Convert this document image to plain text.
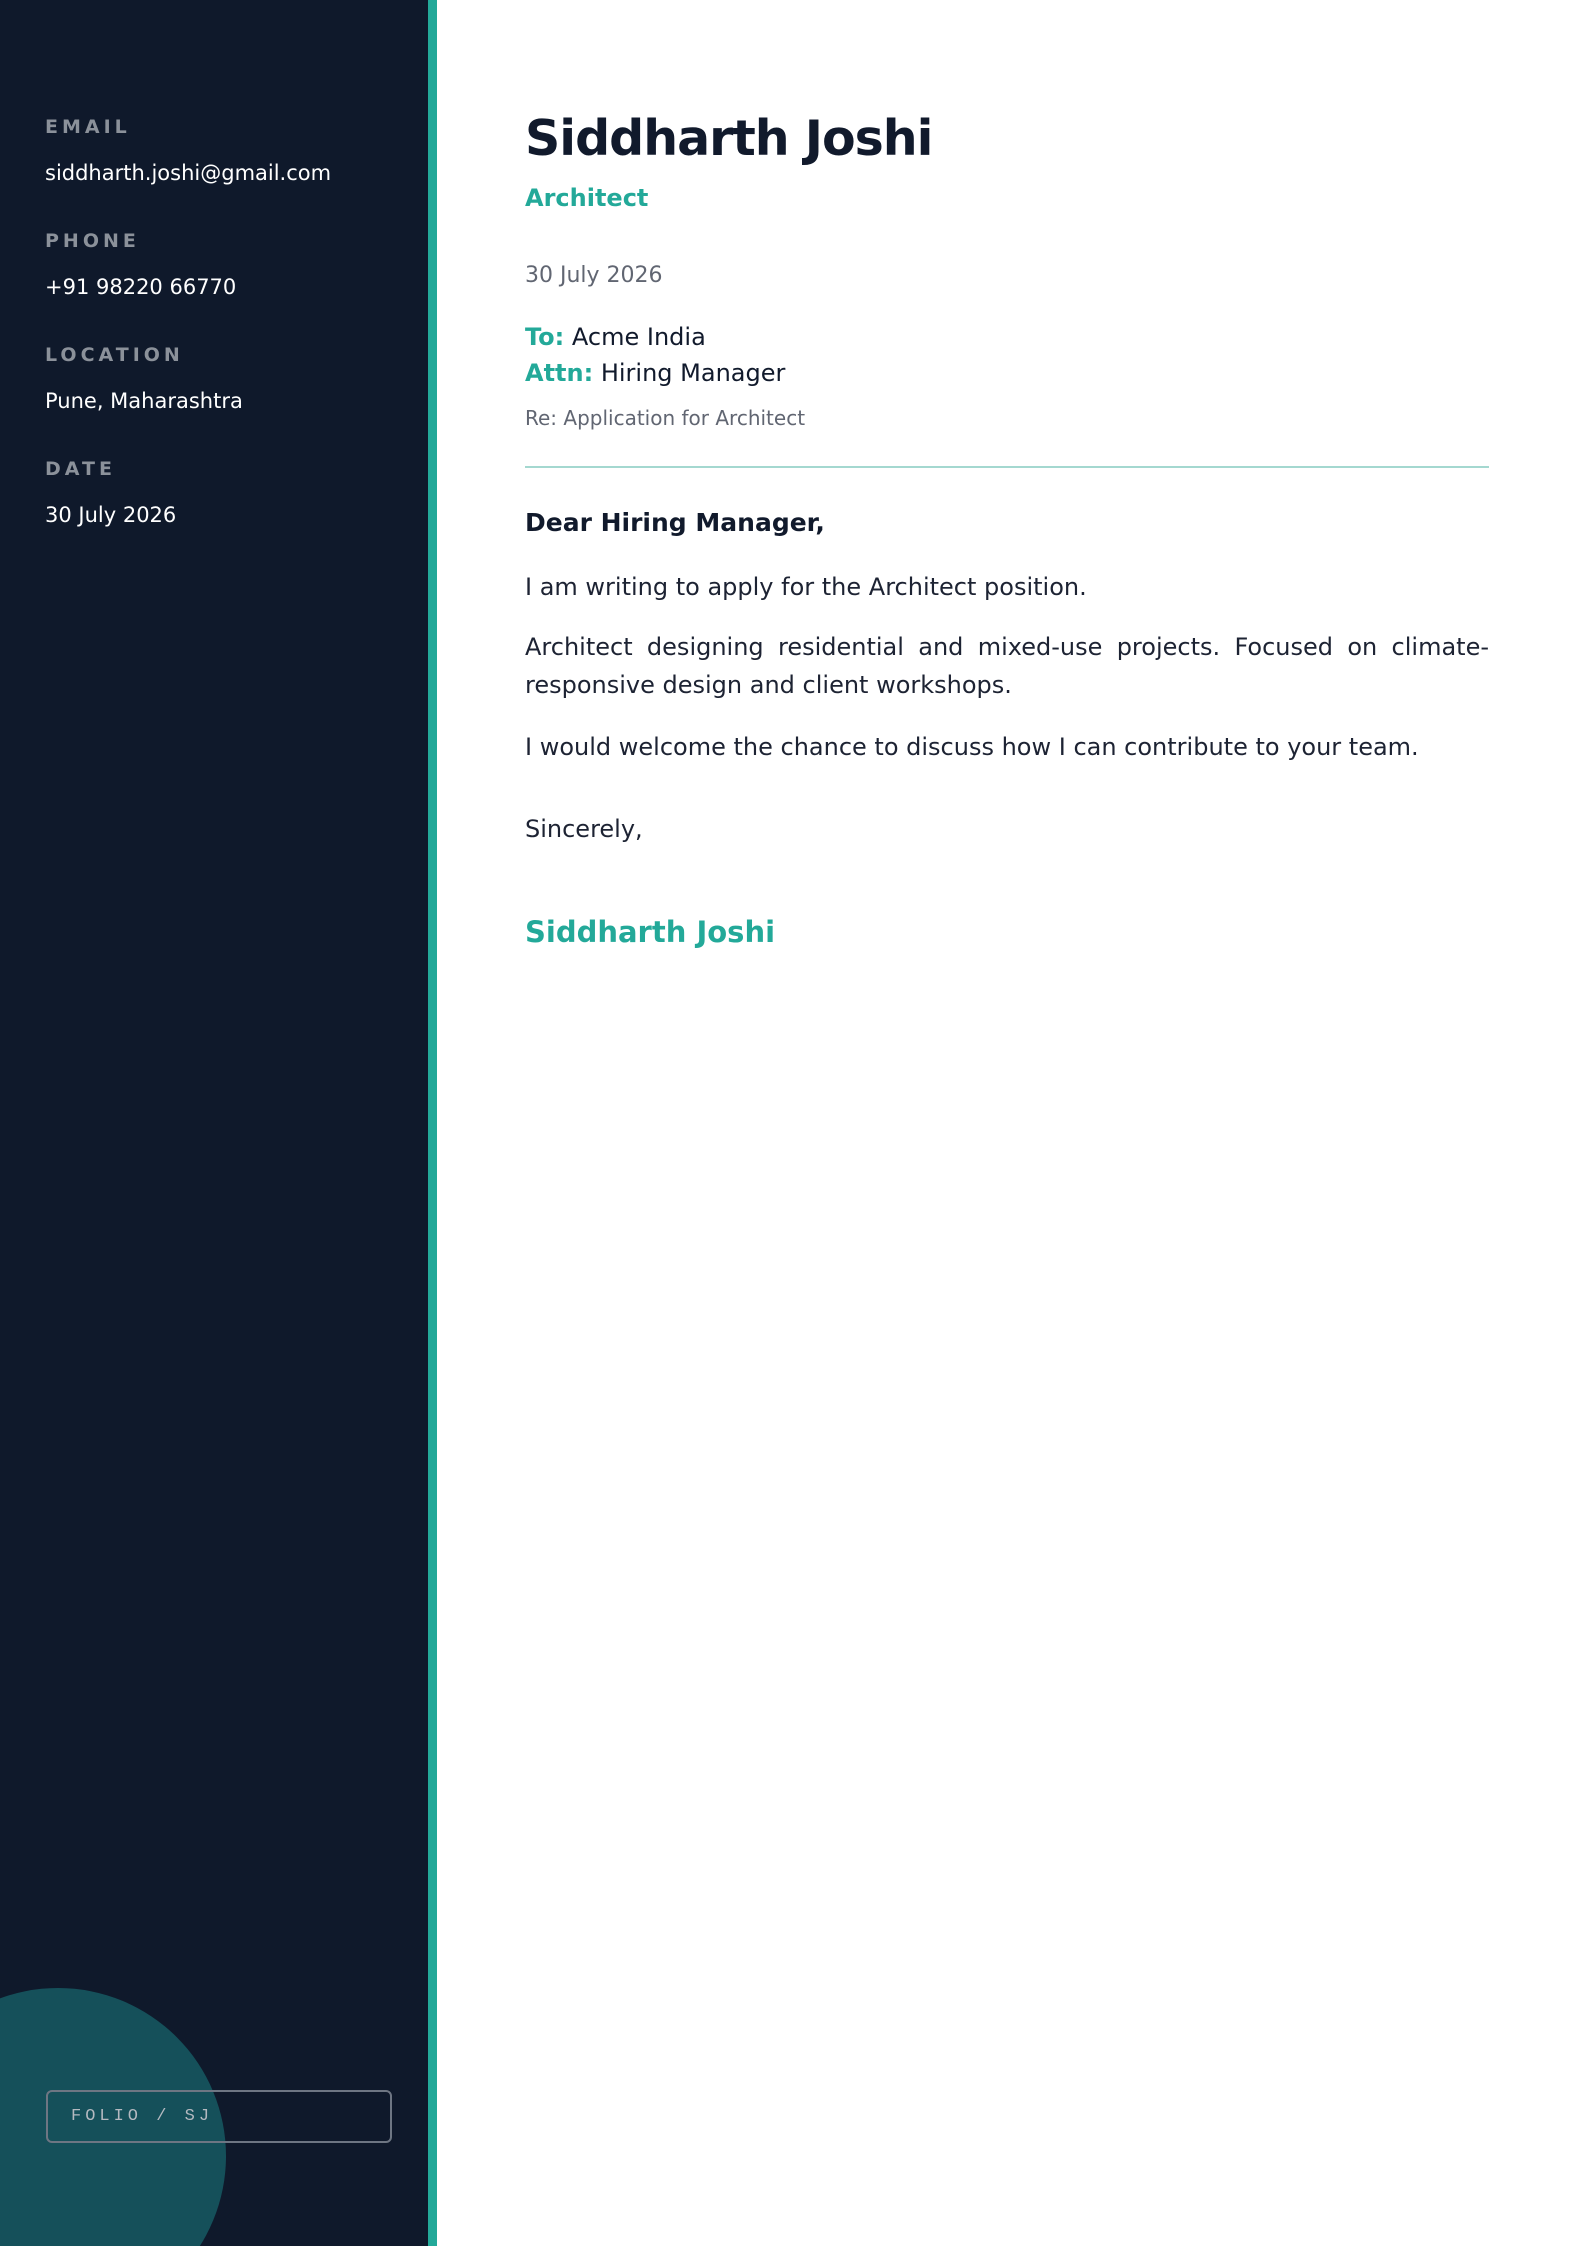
EMAIL
siddharth.joshi@gmail.com
PHONE
+91 98220 66770
LOCATION
Pune, Maharashtra
DATE
30 July 2026
FOLIO / SJ
Siddharth Joshi
Architect
30 July 2026
To: Acme India
Attn: Hiring Manager
Re: Application for Architect
Dear Hiring Manager,
I am writing to apply for the Architect position.
Architect designing residential and mixed-use projects. Focused on climate-responsive design and client workshops.
I would welcome the chance to discuss how I can contribute to your team.
Sincerely,
Siddharth Joshi
